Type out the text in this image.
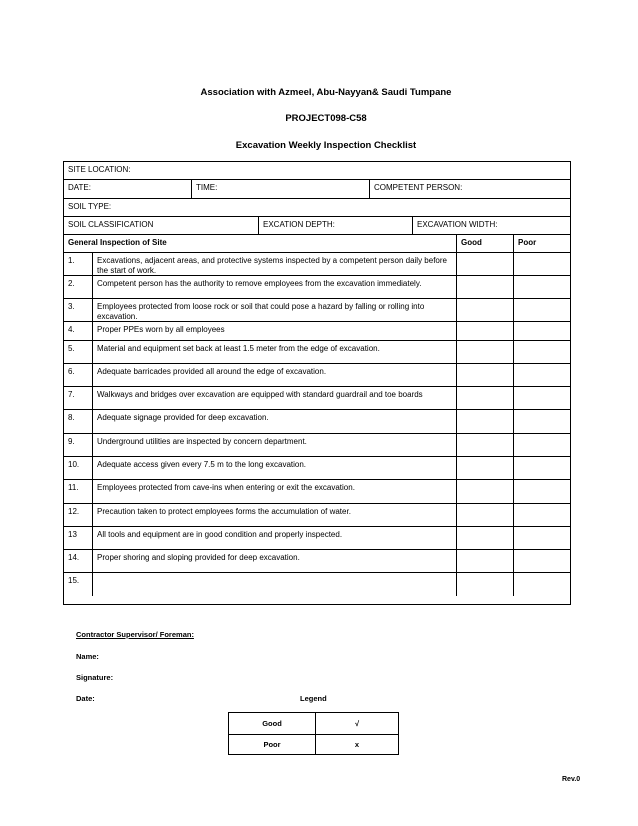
Association with Azmeel, Abu-Nayyan& Saudi Tumpane
PROJECT098-C58
Excavation Weekly Inspection Checklist
SITE LOCATION:
DATE:	TIME:	COMPETENT PERSON:
SOIL TYPE:
SOIL CLASSIFICATION	EXCATION DEPTH:	EXCAVATION WIDTH:
General Inspection of Site	Good	Poor
1.	Excavations, adjacent areas, and protective systems inspected by a competent person daily before the start of work.
2.	Competent person has the authority to remove employees from the excavation immediately.
3.	Employees protected from loose rock or soil that could pose a hazard by falling or rolling into excavation.
4.	Proper PPEs worn by all employees
5.	Material and equipment set back at least 1.5 meter from the edge of excavation.
6.	Adequate barricades provided all around the edge of excavation.
7.	Walkways and bridges over excavation are equipped with standard guardrail and toe boards
8.	Adequate signage provided for deep excavation.
9.	Underground utilities are inspected by concern department.
10.	Adequate access given every 7.5 m to the long excavation.
11.	Employees protected from cave-ins when entering or exit the excavation.
12.	Precaution taken to protect employees forms the accumulation of water.
13	All tools and equipment are in good condition and properly inspected.
14.	Proper shoring and sloping provided for deep excavation.
15.
Contractor Supervisor/ Foreman:
Name:
Signature:
Date:	Legend
Good	√
Poor	x
Rev.0
